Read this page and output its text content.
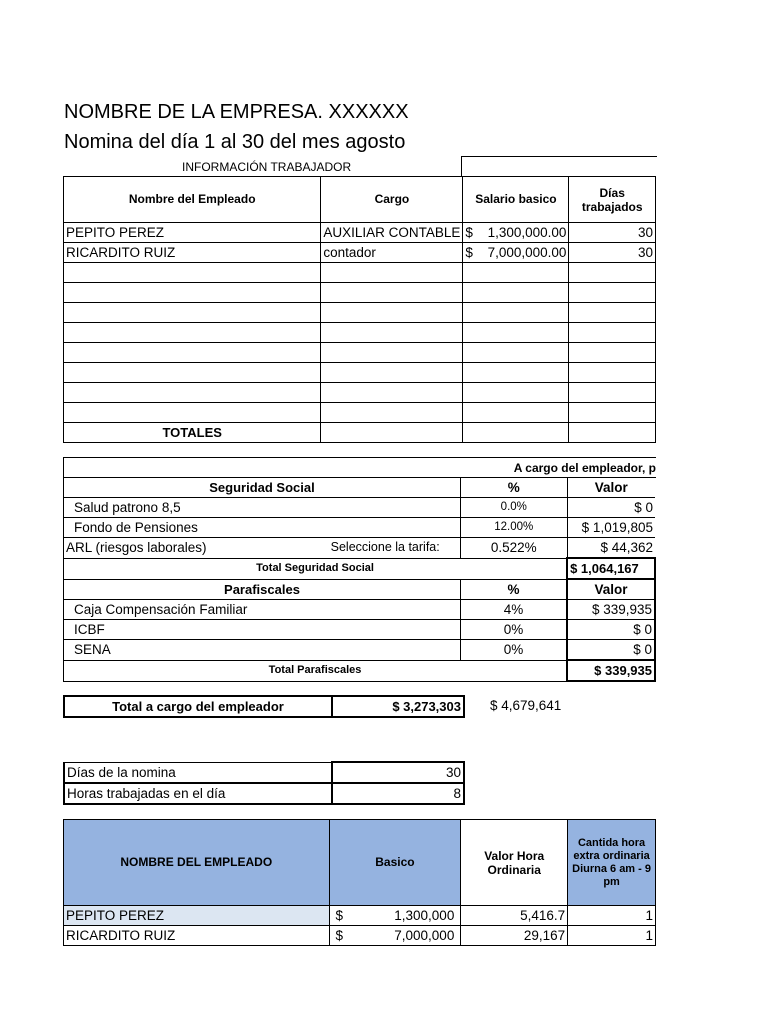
NOMBRE DE LA EMPRESA. XXXXXX
Nomina del día 1 al 30 del mes agosto
INFORMACIÓN TRABAJADOR
Nombre del Empleado	Cargo	Salario basico	Días trabajados
PEPITO PEREZ	AUXILIAR CONTABLE	$ 1,300,000.00	30
RICARDITO RUIZ	contador	$ 7,000,000.00	30

TOTALES			
A cargo del empleador, p
Seguridad Social		%	Valor
Salud patrono 8,5		0.0%	$ 0
Fondo de Pensiones		12.00%	$ 1,019,805
ARL (riesgos laborales)	Seleccione la tarifa:	0.522%	$ 44,362
Total Seguridad Social			$ 1,064,167
Parafiscales		%	Valor
Caja Compensación Familiar		4%	$ 339,935
ICBF		0%	$ 0
SENA		0%	$ 0
Total Parafiscales			$ 339,935
Total a cargo del empleador	$ 3,273,303 $ 4,679,641
Días de la nomina	30
Horas trabajadas en el día	8
NOMBRE DEL EMPLEADO	Basico	Valor Hora Ordinaria	Cantida hora extra ordinaria Diurna 6 am - 9 pm
PEPITO PEREZ	$ 1,300,000	5,416.7	1
RICARDITO RUIZ	$ 7,000,000	29,167	1
